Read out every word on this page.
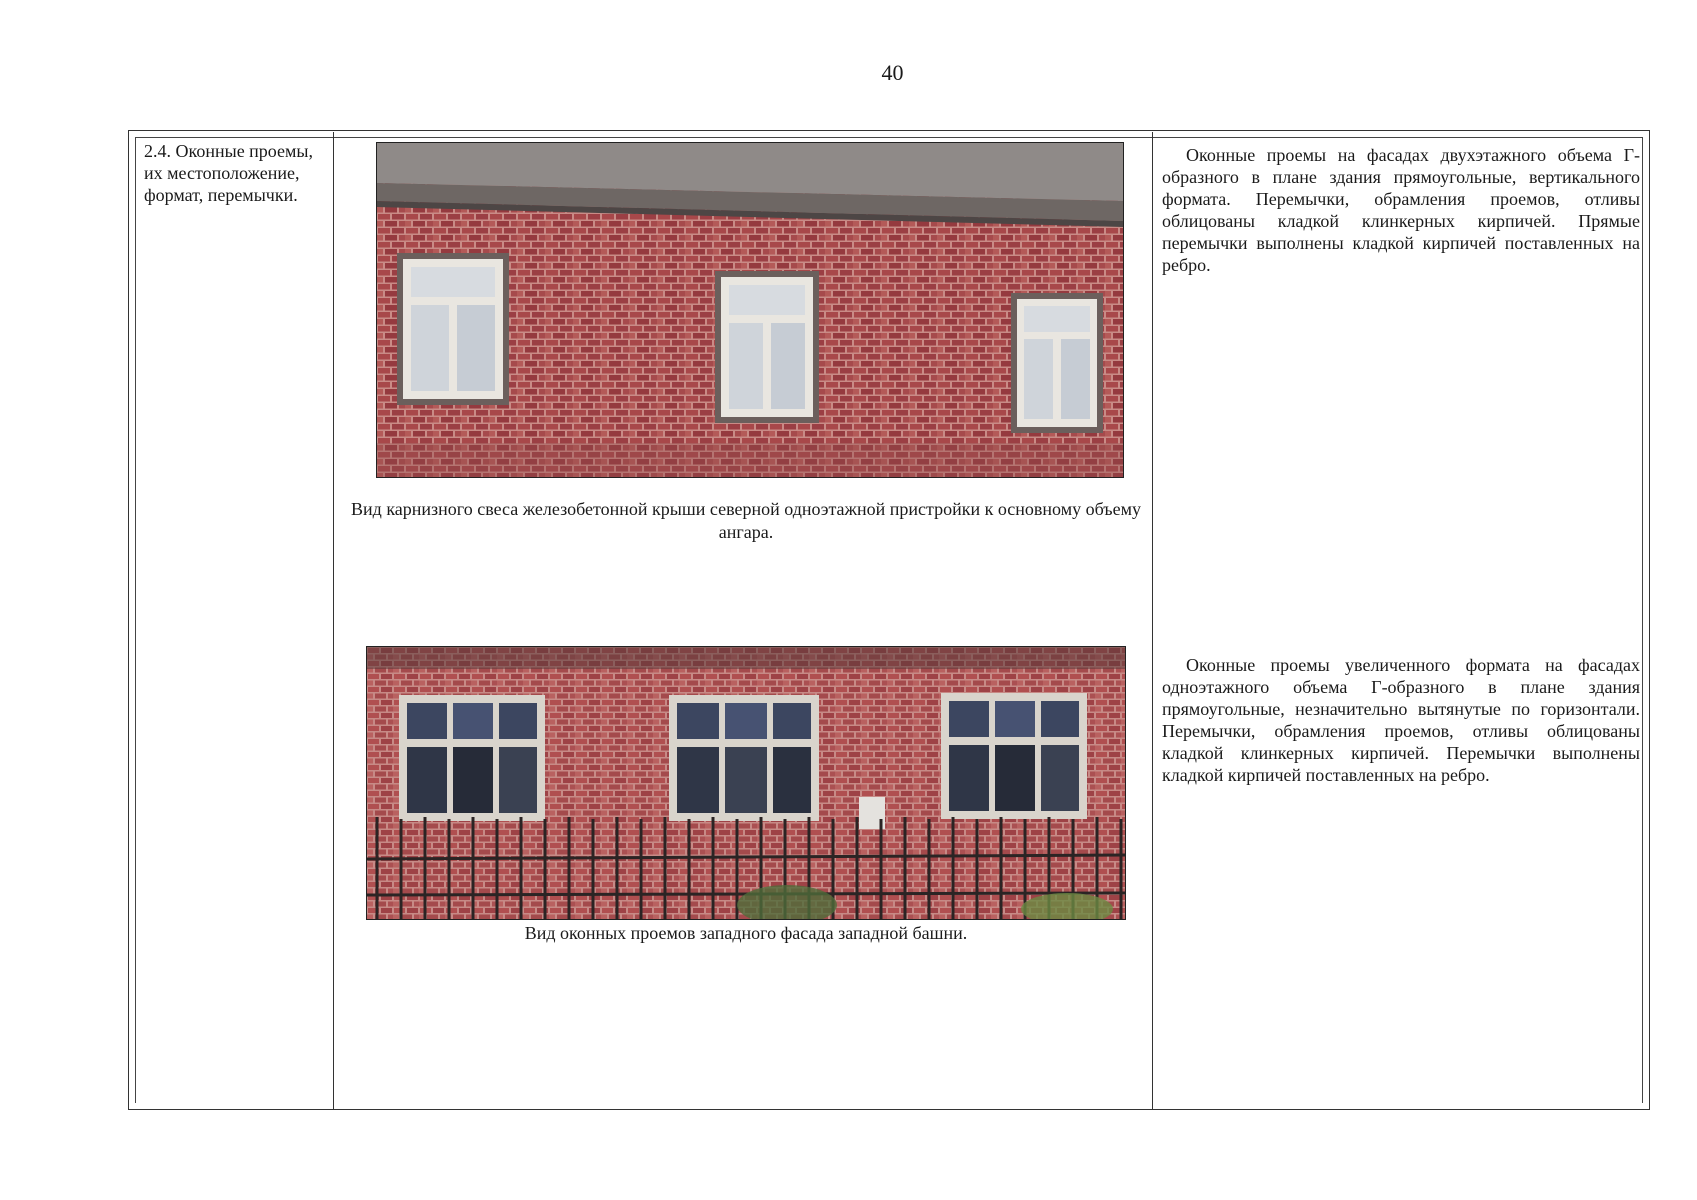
40
2.4. Оконные проемы, их местоположение, формат, перемычки.
Вид карнизного свеса железобетонной крыши северной одноэтажной пристройки к основному объему ангара.
Вид оконных проемов западного фасада западной башни.

Оконные проемы на фасадах двухэтажного объема Г-образного в плане здания прямоугольные, вертикального формата. Перемычки, обрамления проемов, отливы облицованы кладкой клинкерных кирпичей. Прямые перемычки выполнены кладкой кирпичей поставленных на ребро.

Оконные проемы увеличенного формата на фасадах одноэтажного объема Г-образного в плане здания прямоугольные, незначительно вытянутые по горизонтали. Перемычки, обрамления проемов, отливы облицованы кладкой клинкерных кирпичей. Перемычки выполнены кладкой кирпичей поставленных на ребро.
